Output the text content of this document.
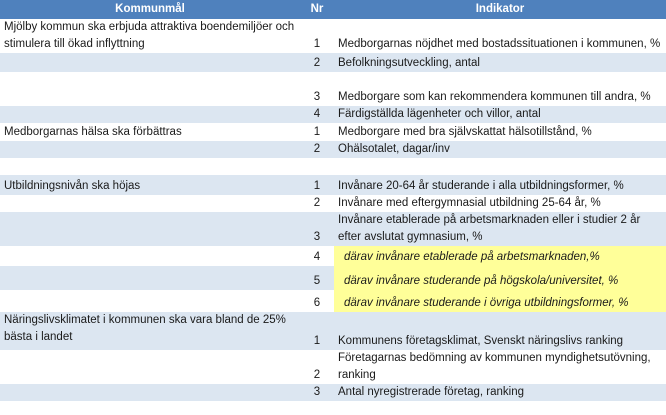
Kommunmål	Nr	Indikator
Mjölby kommun ska erbjuda attraktiva boendemiljöer och stimulera till ökad inflyttning	1	Medborgarnas nöjdhet med bostadssituationen i kommunen, %
	2	Befolkningsutveckling, antal
	3	Medborgare som kan rekommendera kommunen till andra, %
	4	Färdigställda lägenheter och villor, antal
Medborgarnas hälsa ska förbättras	1	Medborgare med bra självskattat hälsotillstånd, %
	2	Ohälsotalet, dagar/inv

Utbildningsnivån ska höjas	1	Invånare 20-64 år studerande i alla utbildningsformer, %
	2	Invånare med eftergymnasial utbildning 25-64 år, %
	3	Invånare etablerade på arbetsmarknaden eller i studier 2 år efter avslutat gymnasium, %
	4	därav invånare etablerade på arbetsmarknaden,%
	5	därav invånare studerande på högskola/universitet, %
	6	därav invånare studerande i övriga utbildningsformer, %
Näringslivsklimatet i kommunen ska vara bland de 25% bästa i landet	1	Kommunens företagsklimat, Svenskt näringslivs ranking
	2	Företagarnas bedömning av kommunen myndighetsutövning, ranking
	3	Antal nyregistrerade företag, ranking
